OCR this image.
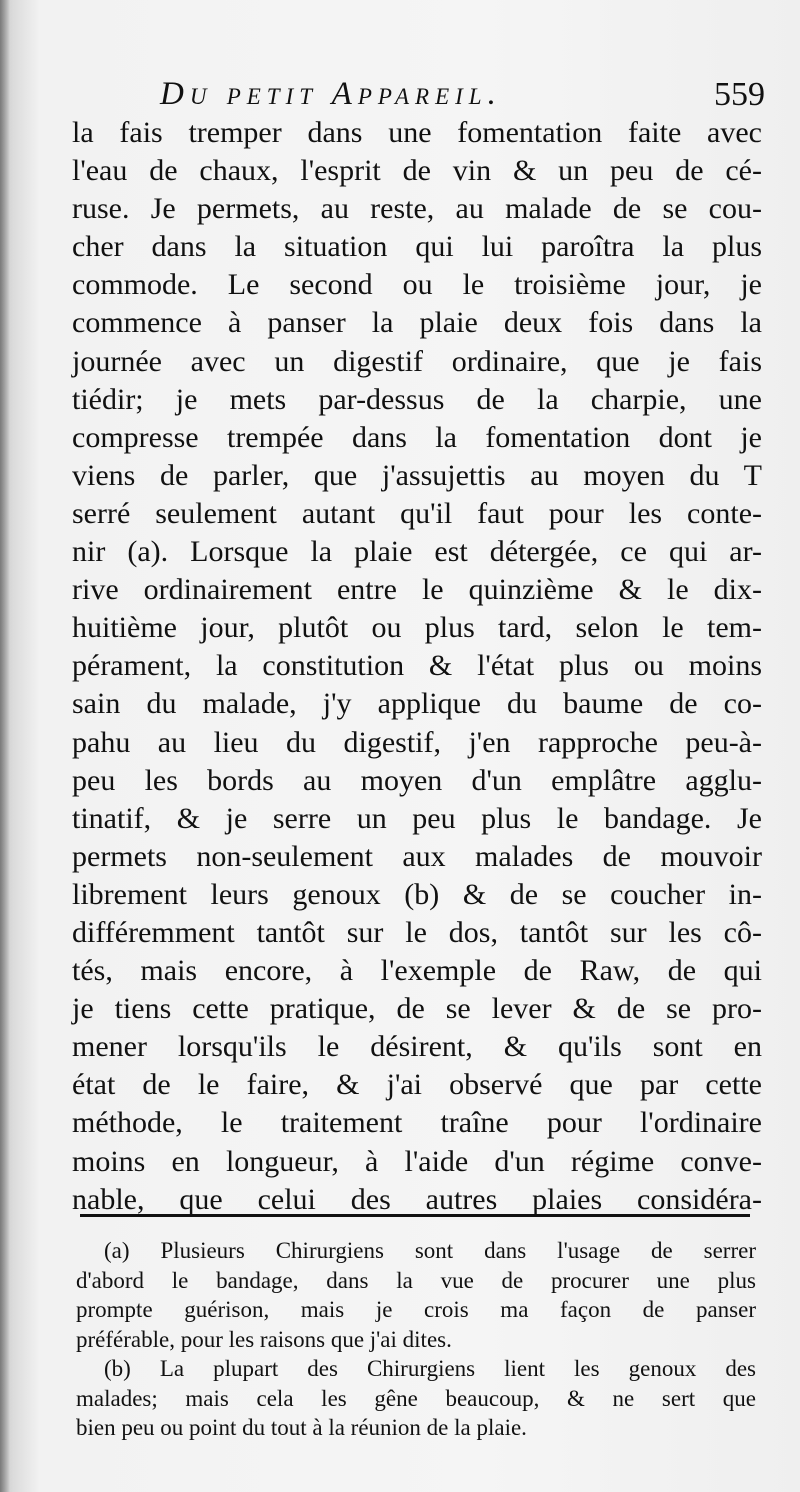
Du petit Appareil.	559
la fais tremper dans une fomentation faite avec
l'eau de chaux, l'esprit de vin & un peu de cé-
ruse. Je permets, au reste, au malade de se cou-
cher dans la situation qui lui paroîtra la plus
commode. Le second ou le troisième jour, je
commence à panser la plaie deux fois dans la
journée avec un digestif ordinaire, que je fais
tiédir; je mets par-dessus de la charpie, une
compresse trempée dans la fomentation dont je
viens de parler, que j'assujettis au moyen du T
serré seulement autant qu'il faut pour les conte-
nir (a). Lorsque la plaie est détergée, ce qui ar-
rive ordinairement entre le quinzième & le dix-
huitième jour, plutôt ou plus tard, selon le tem-
pérament, la constitution & l'état plus ou moins
sain du malade, j'y applique du baume de co-
pahu au lieu du digestif, j'en rapproche peu-à-
peu les bords au moyen d'un emplâtre agglu-
tinatif, & je serre un peu plus le bandage. Je
permets non-seulement aux malades de mouvoir
librement leurs genoux (b) & de se coucher in-
différemment tantôt sur le dos, tantôt sur les cô-
tés, mais encore, à l'exemple de Raw, de qui
je tiens cette pratique, de se lever & de se pro-
mener lorsqu'ils le désirent, & qu'ils sont en
état de le faire, & j'ai observé que par cette
méthode, le traitement traîne pour l'ordinaire
moins en longueur, à l'aide d'un régime conve-
nable, que celui des autres plaies considéra-
(a) Plusieurs Chirurgiens sont dans l'usage de serrer
d'abord le bandage, dans la vue de procurer une plus
prompte guérison, mais je crois ma façon de panser
préférable, pour les raisons que j'ai dites.
(b) La plupart des Chirurgiens lient les genoux des
malades; mais cela les gêne beaucoup, & ne sert que
bien peu ou point du tout à la réunion de la plaie.
